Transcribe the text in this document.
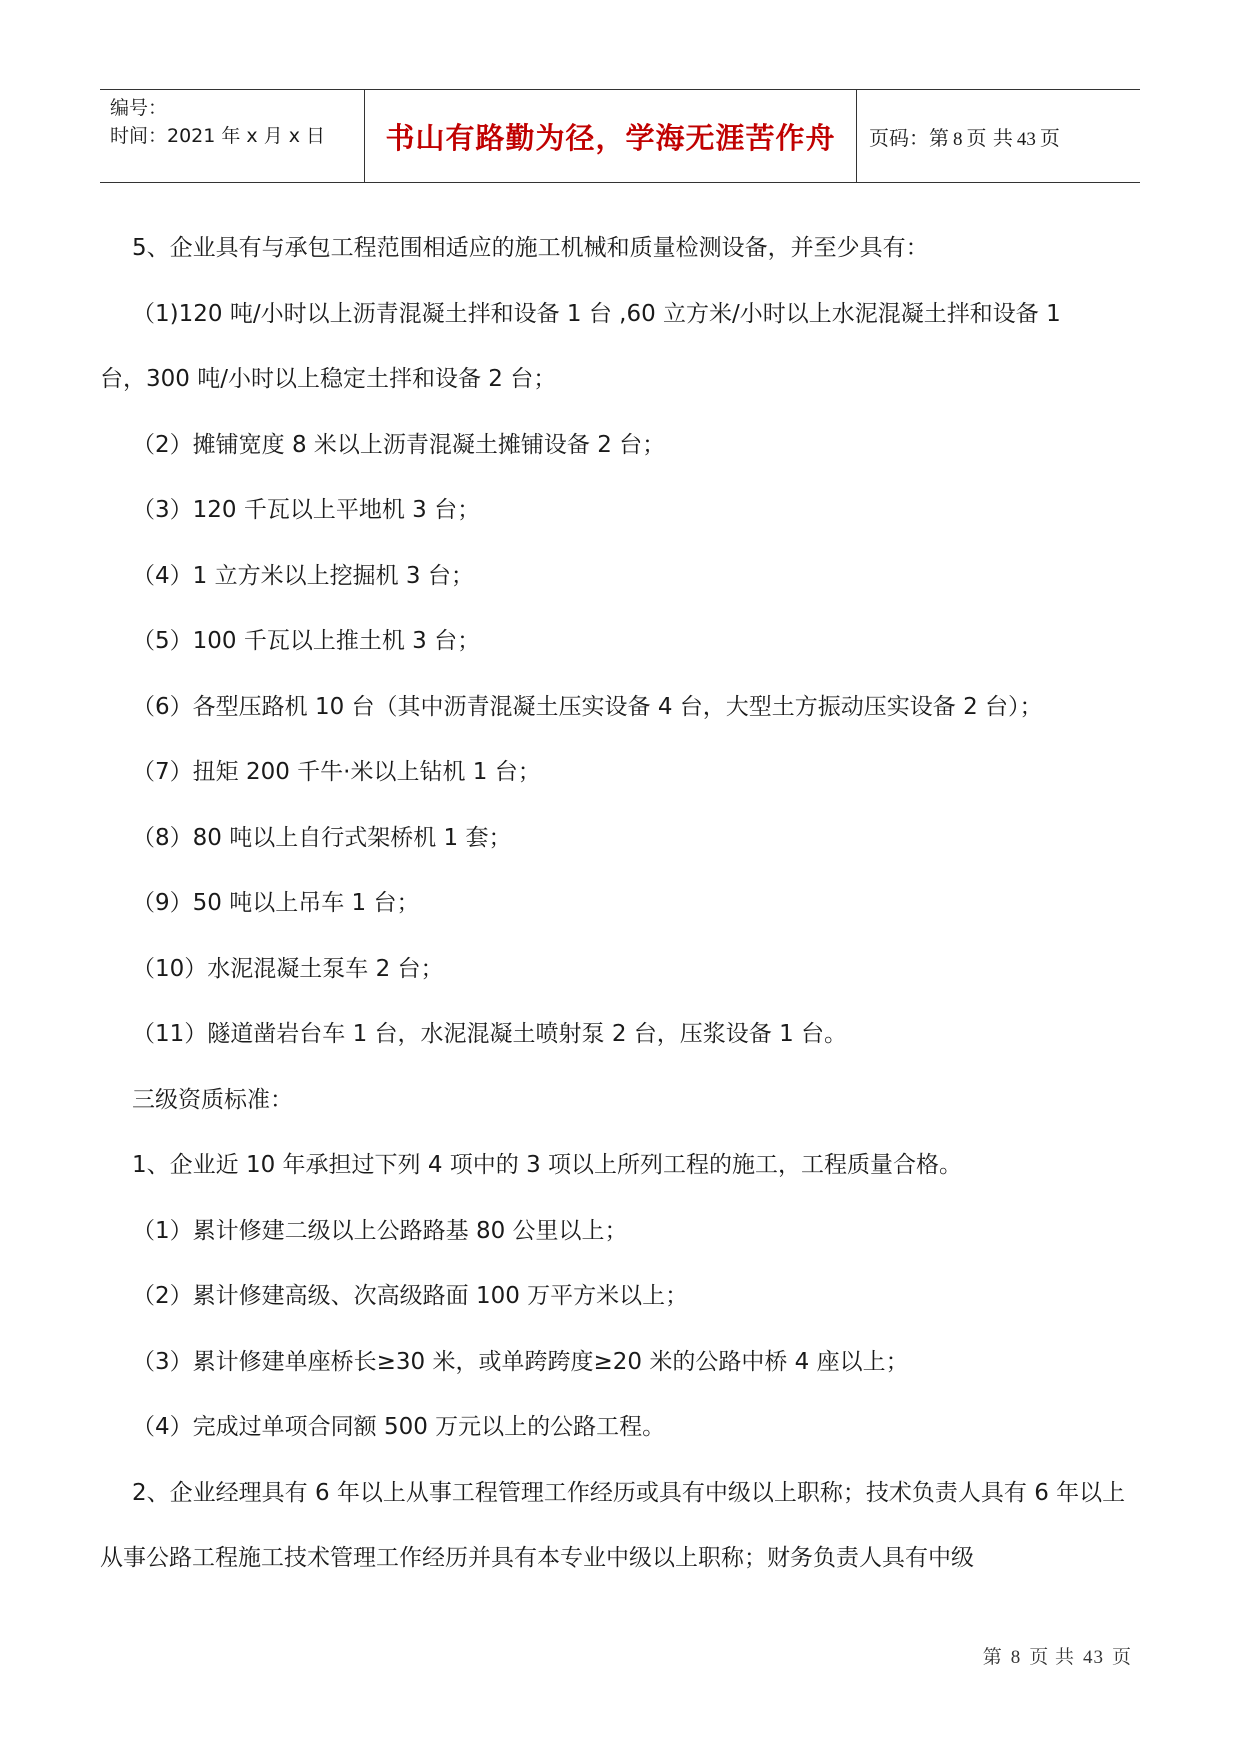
编号：
时间：2021 年 x 月 x 日	书山有路勤为径，学海无涯苦作舟 页码：第 8 页 共 43 页

5、企业具有与承包工程范围相适应的施工机械和质量检测设备，并至少具有：

（1)120 吨/小时以上沥青混凝土拌和设备 1 台 ,60 立方米/小时以上水泥混凝土拌和设备 1

台，300 吨/小时以上稳定土拌和设备 2 台；

（2）摊铺宽度 8 米以上沥青混凝土摊铺设备 2 台；

（3）120 千瓦以上平地机 3 台；

（4）1 立方米以上挖掘机 3 台；

（5）100 千瓦以上推土机 3 台；

（6）各型压路机 10 台（其中沥青混凝土压实设备 4 台，大型土方振动压实设备 2 台）；

（7）扭矩 200 千牛·米以上钻机 1 台；

（8）80 吨以上自行式架桥机 1 套；

（9）50 吨以上吊车 1 台；

（10）水泥混凝土泵车 2 台；

（11）隧道凿岩台车 1 台，水泥混凝土喷射泵 2 台，压浆设备 1 台。

三级资质标准：

1、企业近 10 年承担过下列 4 项中的 3 项以上所列工程的施工，工程质量合格。

（1）累计修建二级以上公路路基 80 公里以上；

（2）累计修建高级、次高级路面 100 万平方米以上；

（3）累计修建单座桥长≥30 米，或单跨跨度≥20 米的公路中桥 4 座以上；

（4）完成过单项合同额 500 万元以上的公路工程。

2、企业经理具有 6 年以上从事工程管理工作经历或具有中级以上职称；技术负责人具有 6 年以上从事公路工程施工技术管理工作经历并具有本专业中级以上职称；财务负责人具有中级

第 8 页 共 43 页
